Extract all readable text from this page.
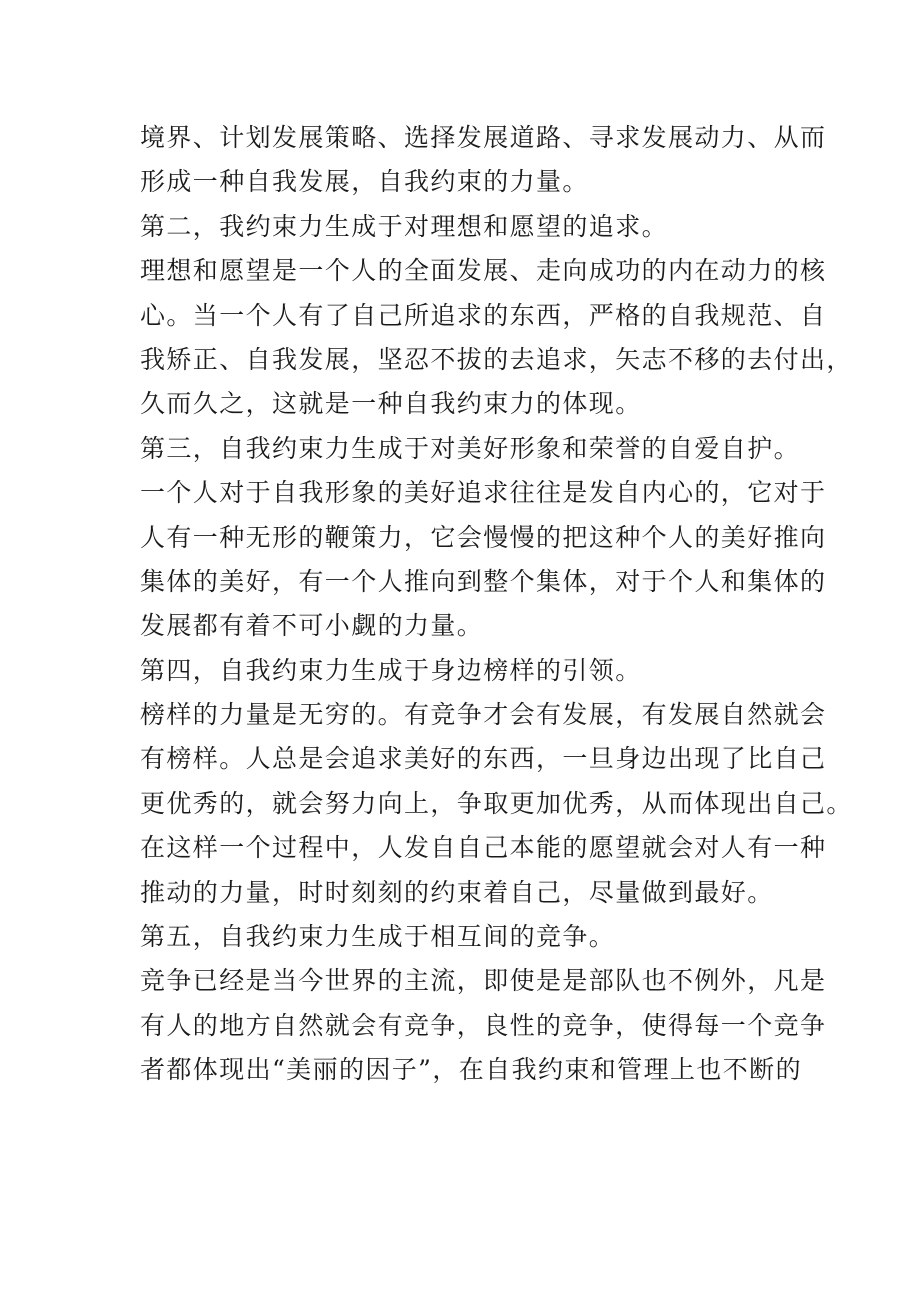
境界、计划发展策略、选择发展道路、寻求发展动力、从而
形成一种自我发展，自我约束的力量。
第二，我约束力生成于对理想和愿望的追求。
理想和愿望是一个人的全面发展、走向成功的内在动力的核
心。当一个人有了自己所追求的东西，严格的自我规范、自
我矫正、自我发展，坚忍不拔的去追求，矢志不移的去付出，
久而久之，这就是一种自我约束力的体现。
第三，自我约束力生成于对美好形象和荣誉的自爱自护。
一个人对于自我形象的美好追求往往是发自内心的，它对于
人有一种无形的鞭策力，它会慢慢的把这种个人的美好推向
集体的美好，有一个人推向到整个集体，对于个人和集体的
发展都有着不可小觑的力量。
第四，自我约束力生成于身边榜样的引领。
榜样的力量是无穷的。有竞争才会有发展，有发展自然就会
有榜样。人总是会追求美好的东西，一旦身边出现了比自己
更优秀的，就会努力向上，争取更加优秀，从而体现出自己。
在这样一个过程中，人发自自己本能的愿望就会对人有一种
推动的力量，时时刻刻的约束着自己，尽量做到最好。
第五，自我约束力生成于相互间的竞争。
竞争已经是当今世界的主流，即使是是部队也不例外，凡是
有人的地方自然就会有竞争，良性的竞争，使得每一个竞争
者都体现出“美丽的因子”，在自我约束和管理上也不断的
